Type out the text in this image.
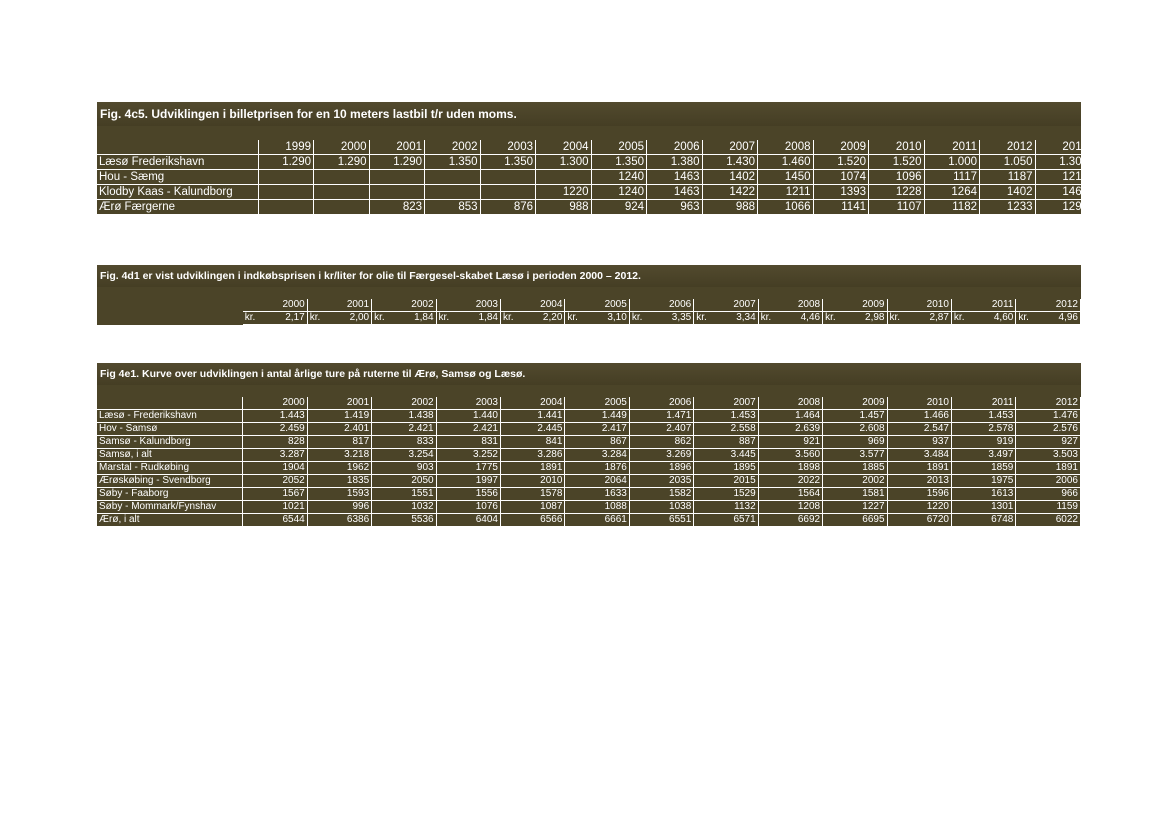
Fig. 4c5. Udviklingen i billetprisen for en 10 meters lastbil t/r uden moms.

	1999	2000	2001	2002	2003	2004	2005	2006	2007	2008	2009	2010	2011	2012	2013
Læsø Frederikshavn	1.290	1.290	1.290	1.350	1.350	1.300	1.350	1.380	1.430	1.460	1.520	1.520	1.000	1.050	1.300
Hou - Sæmg							1240	1463	1402	1450	1074	1096	1117	1187	1214
Klodby Kaas - Kalundborg						1220	1240	1463	1422	1211	1393	1228	1264	1402	1464
Ærø Færgerne			823	853	876	988	924	963	988	1066	1141	1107	1182	1233	1294
Fig. 4d1 er vist udviklingen i indkøbsprisen i kr/liter for olie til Færgesel-skabet Læsø i perioden 2000 – 2012.

	2000		2001		2002		2003		2004		2005		2006		2007		2008		2009		2010		2011		2012	
	kr.	2,17	kr.	2,00	kr.	1,84	kr.	1,84	kr.	2,20	kr.	3,10	kr.	3,35	kr.	3,34	kr.	4,46	kr.	2,98	kr.	2,87	kr.	4,60	kr.	4,96
Fig 4e1. Kurve over udviklingen i antal årlige ture på ruterne til Ærø, Samsø og Læsø.

	2000	2001	2002	2003	2004	2005	2006	2007	2008	2009	2010	2011	2012
Læsø - Frederikshavn	1.443	1.419	1.438	1.440	1.441	1.449	1.471	1.453	1.464	1.457	1.466	1.453	1.476
Hov - Samsø	2.459	2.401	2.421	2.421	2.445	2.417	2.407	2.558	2.639	2.608	2.547	2.578	2.576
Samsø - Kalundborg	828	817	833	831	841	867	862	887	921	969	937	919	927
Samsø, i alt	3.287	3.218	3.254	3.252	3.286	3.284	3.269	3.445	3.560	3.577	3.484	3.497	3.503
Marstal - Rudkøbing	1904	1962	903	1775	1891	1876	1896	1895	1898	1885	1891	1859	1891
Ærøskøbing - Svendborg	2052	1835	2050	1997	2010	2064	2035	2015	2022	2002	2013	1975	2006
Søby - Faaborg	1567	1593	1551	1556	1578	1633	1582	1529	1564	1581	1596	1613	966
Søby - Mommark/Fynshav	1021	996	1032	1076	1087	1088	1038	1132	1208	1227	1220	1301	1159
Ærø, i alt	6544	6386	5536	6404	6566	6661	6551	6571	6692	6695	6720	6748	6022
